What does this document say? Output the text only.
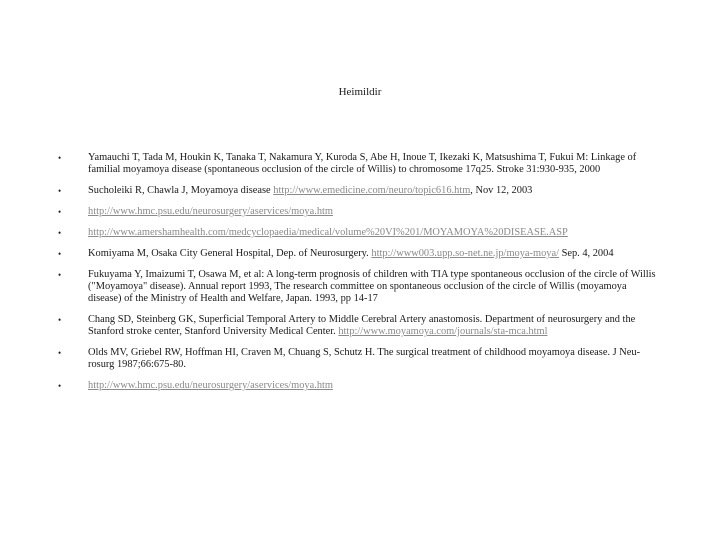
Heimildir
•	Yamauchi T, Tada M, Houkin K, Tanaka T, Nakamura Y, Kuroda S, Abe H, Inoue T, Ikezaki K, Matsushima T, Fukui M: Linkage of familial moyamoya disease (spontaneous occlusion of the circle of Willis) to chromosome 17q25. Stroke 31:930-935, 2000
•	Sucholeiki R, Chawla J, Moyamoya disease http://www.emedicine.com/neuro/topic616.htm, Nov 12, 2003
•	http://www.hmc.psu.edu/neurosurgery/aservices/moya.htm
•	http://www.amershamhealth.com/medcyclopaedia/medical/volume%20VI%201/MOYAMOYA%20DISEASE.ASP
•	Komiyama M, Osaka City General Hospital, Dep. of Neurosurgery. http://www003.upp.so-net.ne.jp/moya-moya/ Sep. 4, 2004
•	Fukuyama Y, Imaizumi T, Osawa M, et al: A long-term prognosis of children with TIA type spontaneous occlusion of the circle of Willis ("Moyamoya" disease). Annual report 1993, The research committee on spontaneous occlusion of the circle of Willis (moyamoya disease) of the Ministry of Health and Welfare, Japan. 1993, pp 14-17
•	Chang SD, Steinberg GK, Superficial Temporal Artery to Middle Cerebral Artery anastomosis. Department of neurosurgery and the Stanford stroke center, Stanford University Medical Center. http://www.moyamoya.com/journals/sta-mca.html
•	Olds MV, Griebel RW, Hoffman HI, Craven M, Chuang S, Schutz H. The surgical treatment of childhood moyamoya disease. J Neu- rosurg 1987;66:675-80.
•	http://www.hmc.psu.edu/neurosurgery/aservices/moya.htm
